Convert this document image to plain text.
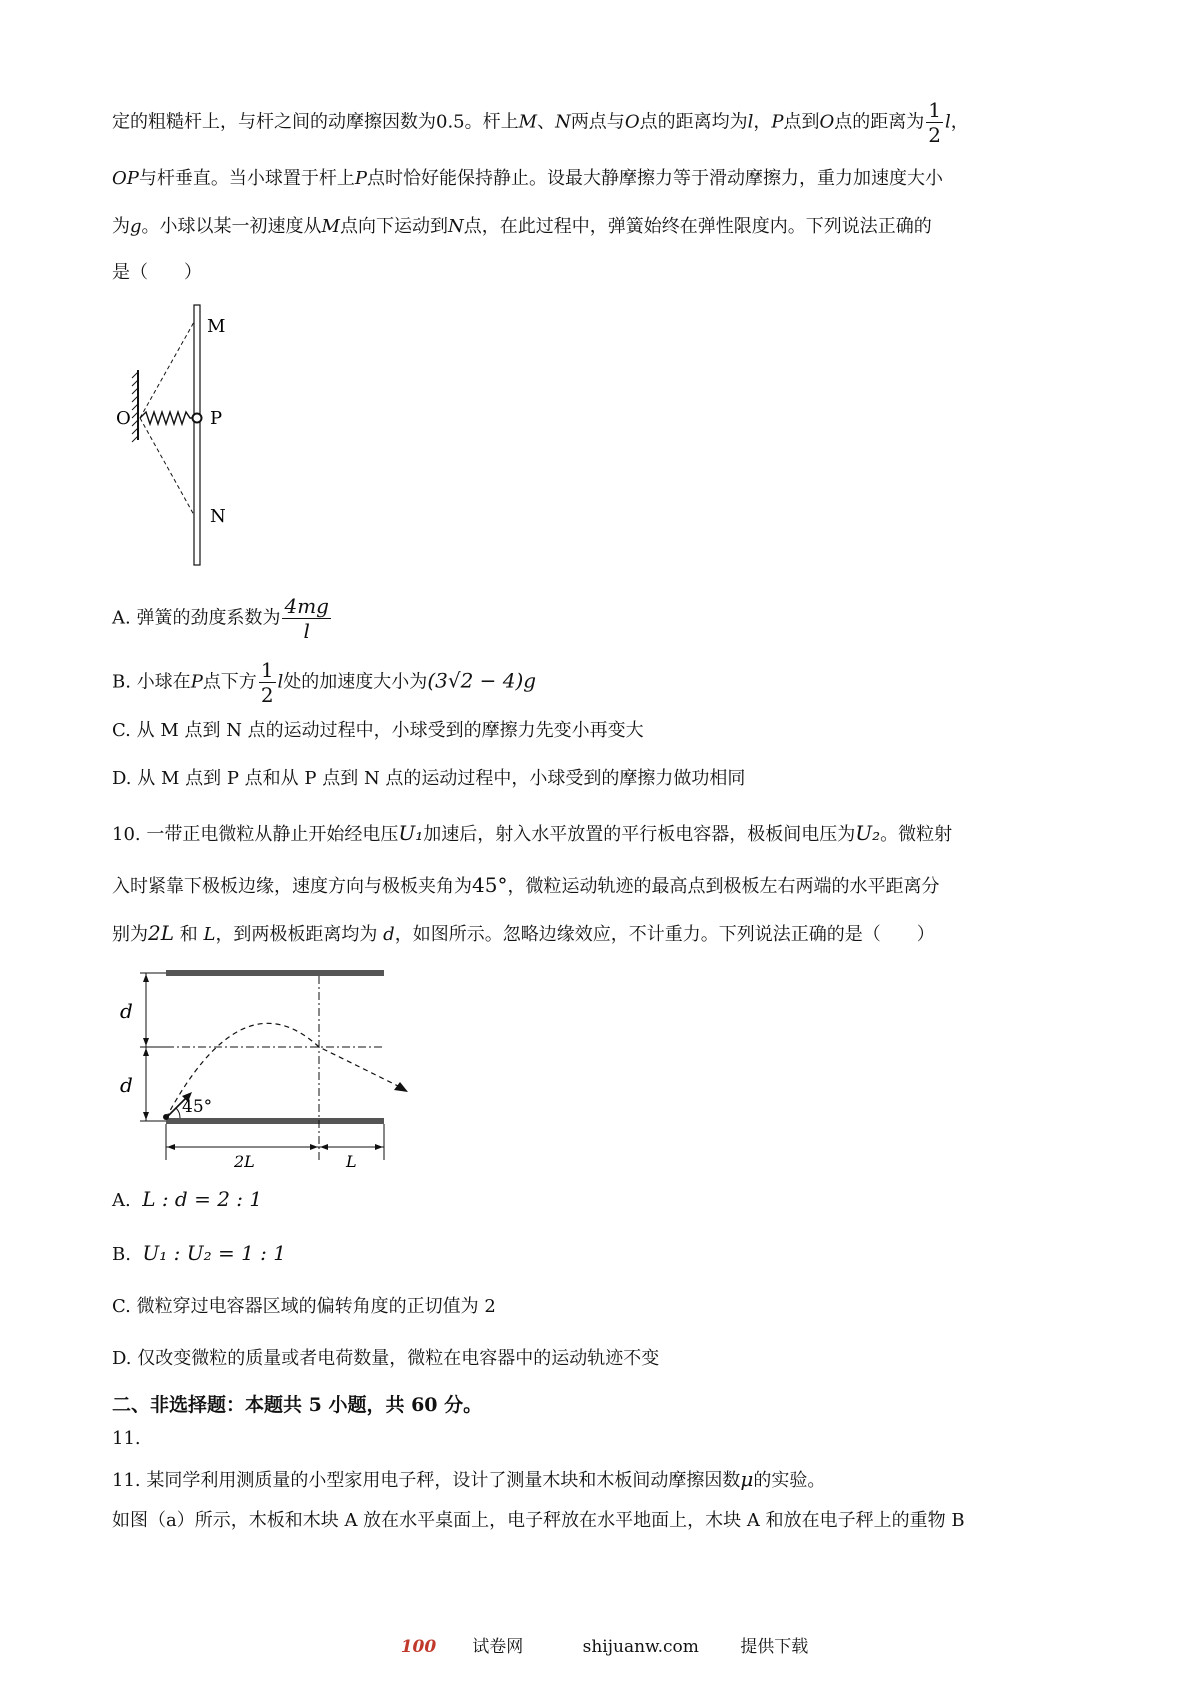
定的粗糙杆上，与杆之间的动摩擦因数为0.5。杆上M、N两点与O点的距离均为l，P点到O点的距离为 $\frac{1}{2}$ l，
OP与杆垂直。当小球置于杆上P点时恰好能保持静止。设最大静摩擦力等于滑动摩擦力，重力加速度大小
为g。小球以某一初速度从M点向下运动到N点，在此过程中，弹簧始终在弹性限度内。下列说法正确的
是（　　）
M
O	P
N
A. 弹簧的劲度系数为 $\frac{4mg}{l}$
B. 小球在P点下方 $\frac{1}{2}$ l处的加速度大小为(3√2 − 4)g
C. 从 M 点到 N 点的运动过程中，小球受到的摩擦力先变小再变大
D. 从 M 点到 P 点和从 P 点到 N 点的运动过程中，小球受到的摩擦力做功相同
10. 一带正电微粒从静止开始经电压U₁加速后，射入水平放置的平行板电容器，极板间电压为U₂。微粒射
入时紧靠下极板边缘，速度方向与极板夹角为45°，微粒运动轨迹的最高点到极板左右两端的水平距离分
别为2L 和 L，到两极板距离均为 d，如图所示。忽略边缘效应，不计重力。下列说法正确的是（　　）
d
d
45°
2L	L
A. L : d = 2 : 1
B. U₁ : U₂ = 1 : 1
C. 微粒穿过电容器区域的偏转角度的正切值为 2
D. 仅改变微粒的质量或者电荷数量，微粒在电容器中的运动轨迹不变
二、非选择题：本题共 5 小题，共 60 分。
11.
11. 某同学利用测质量的小型家用电子秤，设计了测量木块和木板间动摩擦因数μ的实验。
如图（a）所示，木板和木块 A 放在水平桌面上，电子秤放在水平地面上，木块 A 和放在电子秤上的重物 B
100 试卷网	shijuanw.com 提供下载
